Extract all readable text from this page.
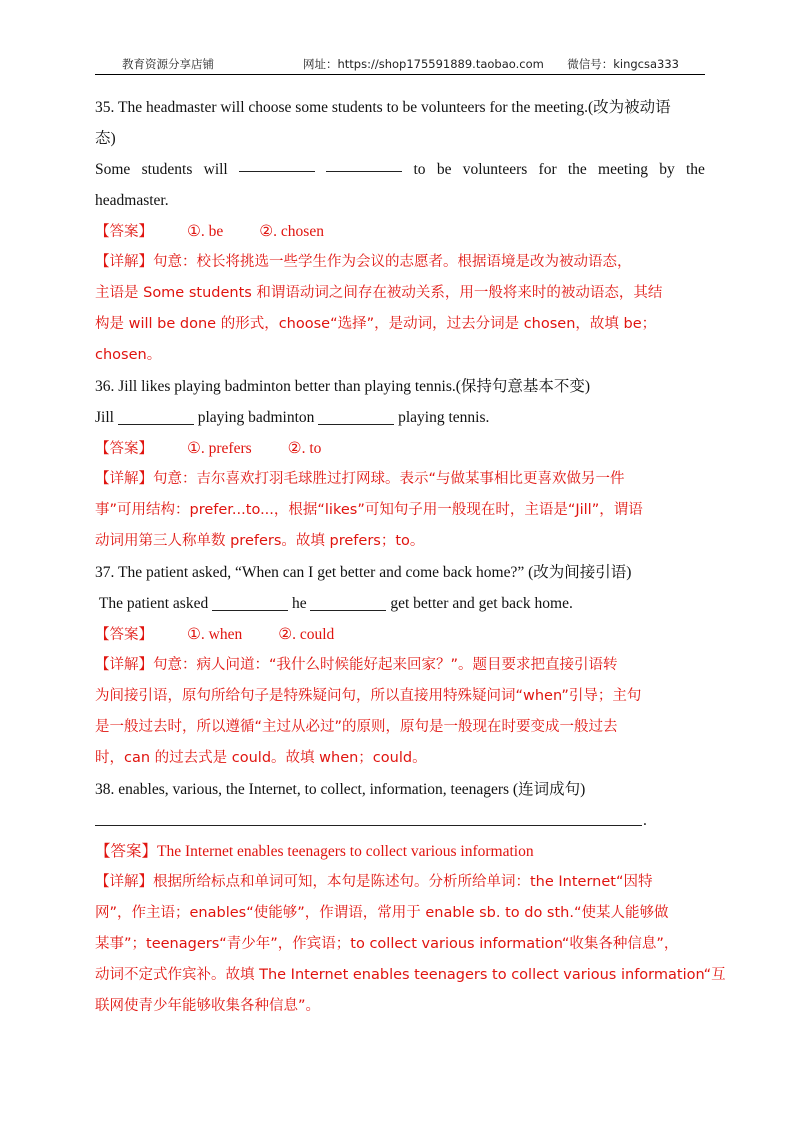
教育资源分享店铺	网址：https://shop175591889.taobao.com 微信号：kingcsa333
35. The headmaster will choose some students to be volunteers for the meeting.(改为被动语
态)
Some students will	to be volunteers for the meeting by the
headmaster.
【答案】 ①. be ②. chosen
【详解】句意：校长将挑选一些学生作为会议的志愿者。根据语境是改为被动语态，
主语是 Some students 和谓语动词之间存在被动关系，用一般将来时的被动语态，其结
构是 will be done 的形式，choose“选择”，是动词，过去分词是 chosen，故填 be；
chosen。
36. Jill likes playing badminton better than playing tennis.(保持句意基本不变)
Jill	playing badminton	playing tennis.
【答案】 ①. prefers ②. to
【详解】句意：吉尔喜欢打羽毛球胜过打网球。表示“与做某事相比更喜欢做另一件
事”可用结构：prefer...to...，根据“likes”可知句子用一般现在时，主语是“Jill”，谓语
动词用第三人称单数 prefers。故填 prefers；to。
37. The patient asked, “When can I get better and come back home?” (改为间接引语)
The patient asked	he	get better and get back home.
【答案】 ①. when ②. could
【详解】句意：病人问道：“我什么时候能好起来回家？”。题目要求把直接引语转
为间接引语，原句所给句子是特殊疑问句，所以直接用特殊疑问词“when”引导；主句
是一般过去时，所以遵循“主过从必过”的原则，原句是一般现在时要变成一般过去
时，can 的过去式是 could。故填 when；could。
38. enables, various, the Internet, to collect, information, teenagers (连词成句)
.
【答案】The Internet enables teenagers to collect various information
【详解】根据所给标点和单词可知，本句是陈述句。分析所给单词：the Internet“因特
网”，作主语；enables“使能够”，作谓语，常用于 enable sb. to do sth.“使某人能够做
某事”；teenagers“青少年”，作宾语；to collect various information“收集各种信息”，
动词不定式作宾补。故填 The Internet enables teenagers to collect various information“互
联网使青少年能够收集各种信息”。
